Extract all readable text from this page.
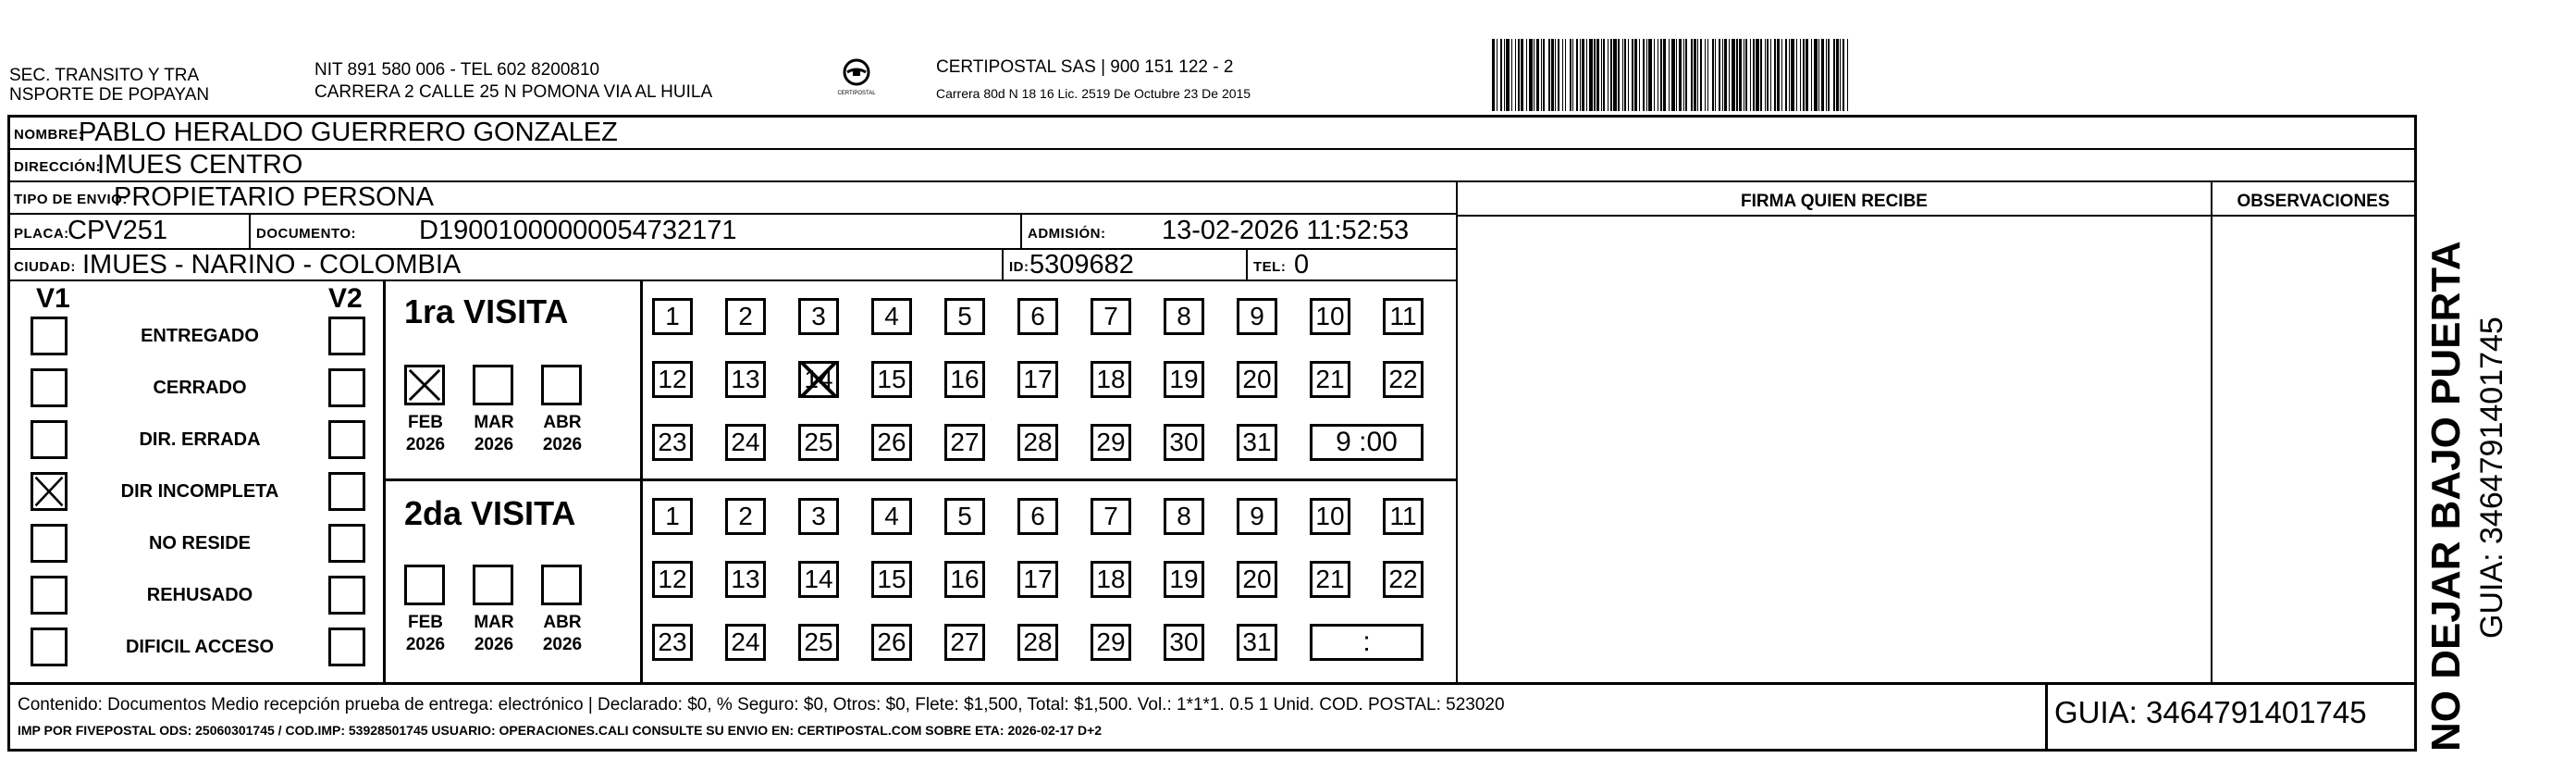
SEC. TRANSITO Y TRA
NSPORTE DE POPAYAN
NIT 891 580 006 - TEL 602 8200810
CARRERA 2 CALLE 25 N POMONA VIA AL HUILA	CERTIPOSTAL
CERTIPOSTAL SAS | 900 151 122 - 2
Carrera 80d N 18 16 Lic. 2519 De Octubre 23 De 2015
NOMBRE:
PABLO HERALDO GUERRERO GONZALEZ
DIRECCIÓN:
IMUES CENTRO
TIPO DE ENVIO:
PROPIETARIO PERSONA
PLACA:
CPV251	DOCUMENTO: D19001000000054732171	ADMISIÓN: 13-02-2026 11:52:53
CIUDAD: IMUES - NARINO - COLOMBIA	ID: 5309682	TEL: 0
FIRMA QUIEN RECIBE	OBSERVACIONES
V1	V2
ENTREGADO
CERRADO
DIR. ERRADA
DIR INCOMPLETA
NO RESIDE
REHUSADO
DIFICIL ACCESO
1ra VISITA
FEB
2026
MAR
2026
ABR
2026
1	2	3	4	5	6	7	8	9	10 11
12 13 14 15 16 17 18 19 20 21 22
23 24 25 26 27 28 29 30 31	9 :00
2da VISITA
FEB
2026
MAR
2026
ABR
2026
1	2	3	4	5	6	7	8	9	10 11
12 13 14 15 16 17 18 19 20 21 22
23 24 25 26 27 28 29 30 31	:
Contenido: Documentos Medio recepción prueba de entrega: electrónico | Declarado: $0, % Seguro: $0, Otros: $0, Flete: $1,500, Total: $1,500. Vol.: 1*1*1. 0.5 1 Unid. COD. POSTAL: 523020
IMP POR FIVEPOSTAL ODS: 25060301745 / COD.IMP: 53928501745 USUARIO: OPERACIONES.CALI CONSULTE SU ENVIO EN: CERTIPOSTAL.COM SOBRE ETA: 2026-02-17 D+2
GUIA: 3464791401745 NO DEJAR BAJO PUERTA GUIA: 3464791401745
